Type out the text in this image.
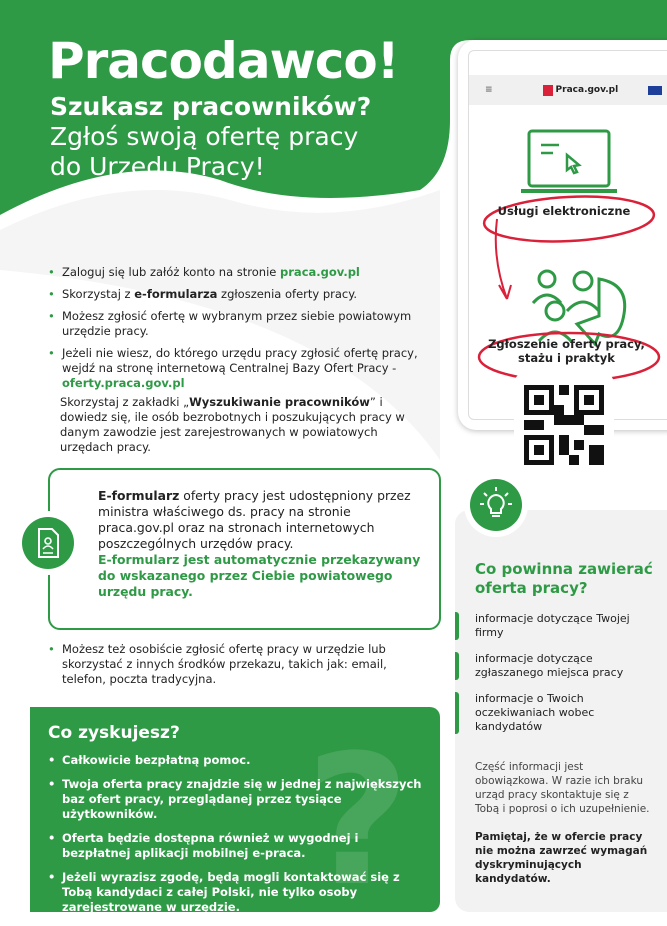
Pracodawco!
Szukasz pracowników?
Zgłoś swoją ofertę pracy
do Urzędu Pracy!
• Zaloguj się lub załóż konto na stronie praca.gov.pl
• Skorzystaj z e-formularza zgłoszenia oferty pracy.
• Możesz zgłosić ofertę w wybranym przez siebie powiatowym urzędzie pracy.
• Jeżeli nie wiesz, do którego urzędu pracy zgłosić ofertę pracy, wejdź na stronę internetową Centralnej Bazy Ofert Pracy - oferty.praca.gov.pl

Skorzystaj z zakładki „Wyszukiwanie pracowników” i dowiedz się, ile osób bezrobotnych i poszukujących pracy w danym zawodzie jest zarejestrowanych w powiatowych urzędach pracy.

E-formularz oferty pracy jest udostępniony przez ministra właściwego ds. pracy na stronie praca.gov.pl oraz na stronach internetowych poszczególnych urzędów pracy.
E-formularz jest automatycznie przekazywany do wskazanego przez Ciebie powiatowego urzędu pracy.
• Możesz też osobiście zgłosić ofertę pracy w urzędzie lub skorzystać z innych środków przekazu, takich jak: email, telefon, poczta tradycyjna.
?
Co zyskujesz?
• Całkowicie bezpłatną pomoc.
• Twoja oferta pracy znajdzie się w jednej z największych baz ofert pracy, przeglądanej przez tysiące użytkowników.
• Oferta będzie dostępna również w wygodnej i bezpłatnej aplikacji mobilnej e-praca.
• Jeżeli wyrazisz zgodę, będą mogli kontaktować się z Tobą kandydaci z całej Polski, nie tylko osoby zarejestrowane w urzędzie.
≡	Praca.gov.pl
Usługi elektroniczne
Zgłoszenie oferty pracy, stażu i praktyk
Co powinna zawierać oferta pracy?
informacje dotyczące Twojej firmy
informacje dotyczące zgłaszanego miejsca pracy
informacje o Twoich oczekiwaniach wobec kandydatów
Część informacji jest obowiązkowa. W razie ich braku urząd pracy skontaktuje się z Tobą i poprosi o ich uzupełnienie.
Pamiętaj, że w ofercie pracy nie można zawrzeć wymagań dyskryminujących kandydatów.
